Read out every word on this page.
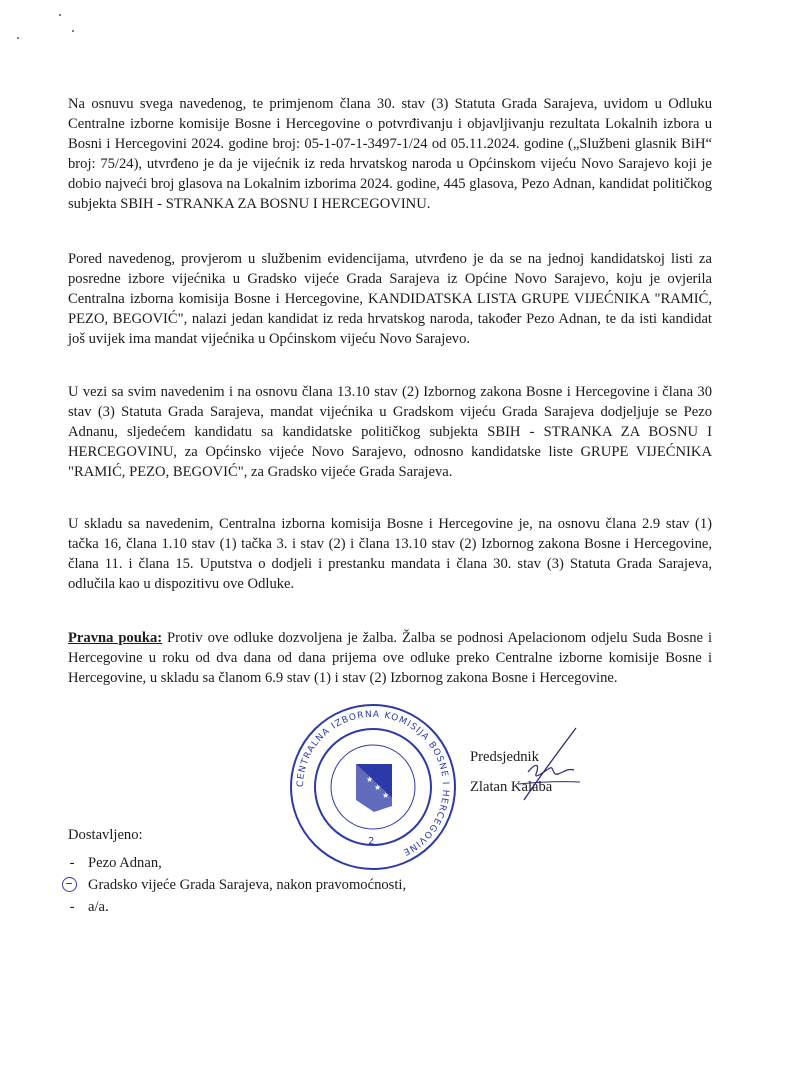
Na osnuvu svega navedenog, te primjenom člana 30. stav (3) Statuta Grada Sarajeva, uvidom u Odluku Centralne izborne komisije Bosne i Hercegovine o potvrđivanju i objavljivanju rezultata Lokalnih izbora u Bosni i Hercegovini 2024. godine broj: 05-1-07-1-3497-1/24 od 05.11.2024. godine („Službeni glasnik BiH“ broj: 75/24), utvrđeno je da je vijećnik iz reda hrvatskog naroda u Općinskom vijeću Novo Sarajevo koji je dobio najveći broj glasova na Lokalnim izborima 2024. godine, 445 glasova, Pezo Adnan, kandidat političkog subjekta SBIH - STRANKA ZA BOSNU I HERCEGOVINU.

Pored navedenog, provjerom u službenim evidencijama, utvrđeno je da se na jednoj kandidatskoj listi za posredne izbore vijećnika u Gradsko vijeće Grada Sarajeva iz Općine Novo Sarajevo, koju je ovjerila Centralna izborna komisija Bosne i Hercegovine, KANDIDATSKA LISTA GRUPE VIJEĆNIKA "RAMIĆ, PEZO, BEGOVIĆ", nalazi jedan kandidat iz reda hrvatskog naroda, također Pezo Adnan, te da isti kandidat još uvijek ima mandat vijećnika u Općinskom vijeću Novo Sarajevo.

U vezi sa svim navedenim i na osnovu člana 13.10 stav (2) Izbornog zakona Bosne i Hercegovine i člana 30 stav (3) Statuta Grada Sarajeva, mandat vijećnika u Gradskom vijeću Grada Sarajeva dodjeljuje se Pezo Adnanu, sljedećem kandidatu sa kandidatske političkog subjekta SBIH - STRANKA ZA BOSNU I HERCEGOVINU, za Općinsko vijeće Novo Sarajevo, odnosno kandidatske liste GRUPE VIJEĆNIKA "RAMIĆ, PEZO, BEGOVIĆ", za Gradsko vijeće Grada Sarajeva.

U skladu sa navedenim, Centralna izborna komisija Bosne i Hercegovine je, na osnovu člana 2.9 stav (1) tačka 16, člana 1.10 stav (1) tačka 3. i stav (2) i člana 13.10 stav (2) Izbornog zakona Bosne i Hercegovine, člana 11. i člana 15. Uputstva o dodjeli i prestanku mandata i člana 30. stav (3) Statuta Grada Sarajeva, odlučila kao u dispozitivu ove Odluke.

Pravna pouka: Protiv ove odluke dozvoljena je žalba. Žalba se podnosi Apelacionom odjelu Suda Bosne i Hercegovine u roku od dva dana od dana prijema ove odluke preko Centralne izborne komisije Bosne i Hercegovine, u skladu sa članom 6.9 stav (1) i stav (2) Izbornog zakona Bosne i Hercegovine.

Predsjednik
Zlatan Kalaba
CENTRALNA IZBORNA KOMISIJA BOSNE I HERCEGOVINE
★
★
★
2

Dostavljeno:

- Pezo Adnan,
Gradsko vijeće Grada Sarajeva, nakon pravomoćnosti,
- a/a.
